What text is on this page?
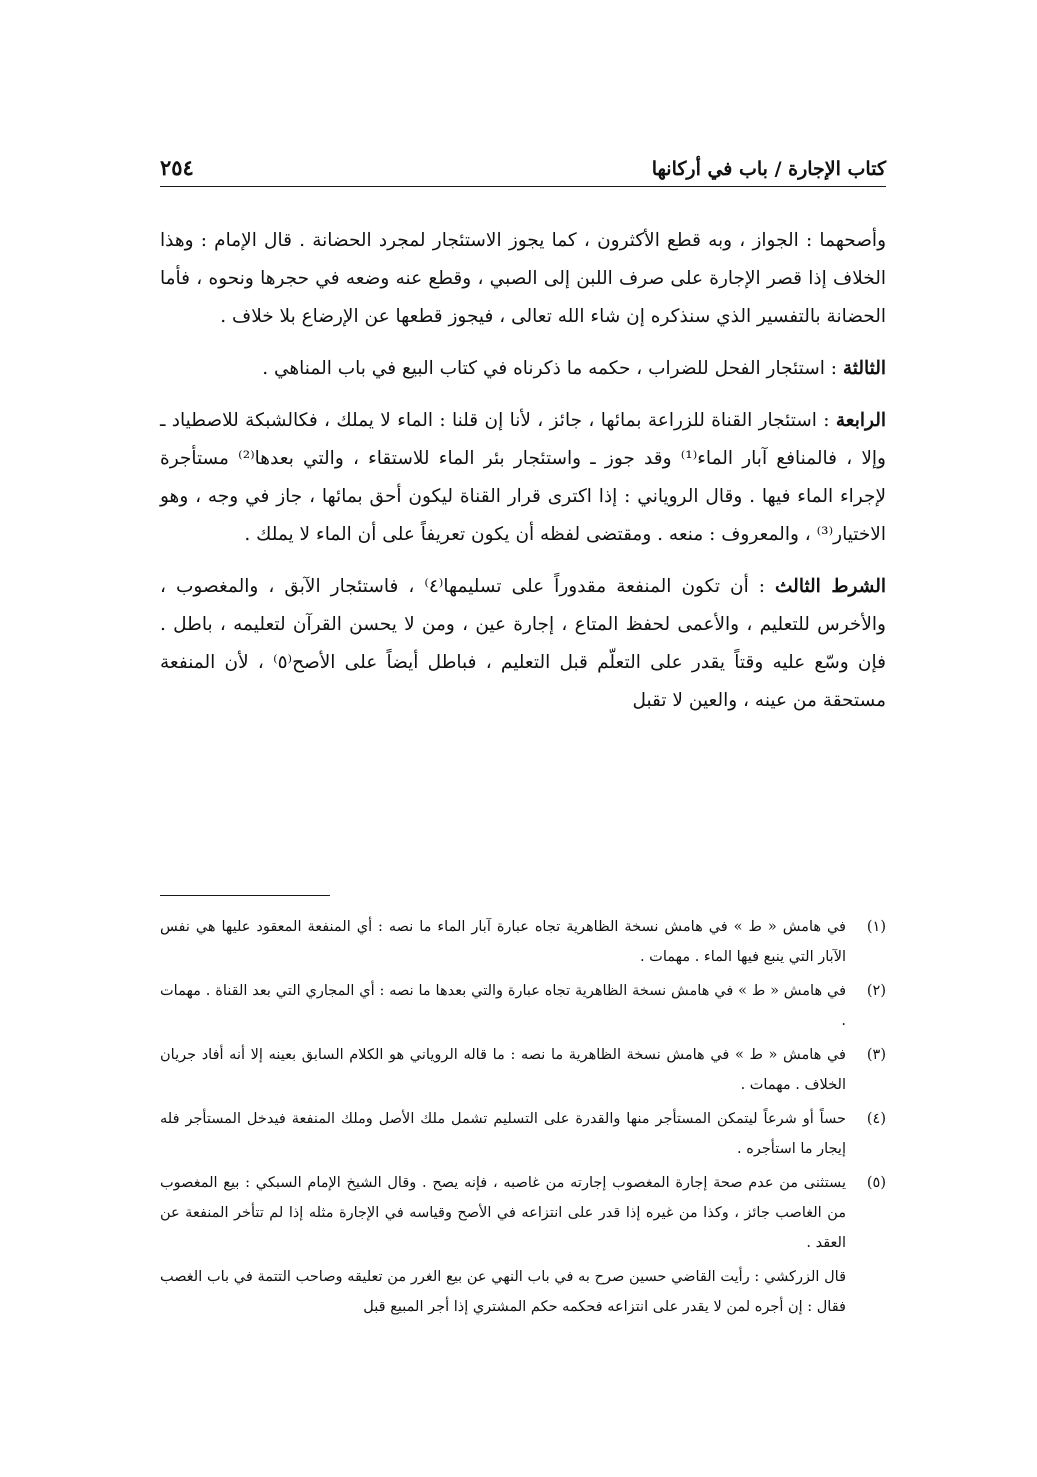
كتاب الإجارة / باب في أركانها
٢٥٤

وأصحهما : الجواز ، وبه قطع الأكثرون ، كما يجوز الاستئجار لمجرد الحضانة . قال الإمام : وهذا الخلاف إذا قصر الإجارة على صرف اللبن إلى الصبي ، وقطع عنه وضعه في حجرها ونحوه ، فأما الحضانة بالتفسير الذي سنذكره إن شاء الله تعالى ، فيجوز قطعها عن الإرضاع بلا خلاف .

الثالثة : استئجار الفحل للضراب ، حكمه ما ذكرناه في كتاب البيع في باب المناهي .

الرابعة : استئجار القناة للزراعة بمائها ، جائز ، لأنا إن قلنا : الماء لا يملك ، فكالشبكة للاصطياد ـ وإلا ، فالمنافع آبار الماء⁽¹⁾ وقد جوز ـ واستئجار بئر الماء للاستقاء ، والتي بعدها⁽²⁾ مستأجرة لإجراء الماء فيها . وقال الروياني : إذا اكترى قرار القناة ليكون أحق بمائها ، جاز في وجه ، وهو الاختيار⁽³⁾ ، والمعروف : منعه . ومقتضى لفظه أن يكون تعريفاً على أن الماء لا يملك .

الشرط الثالث : أن تكون المنفعة مقدوراً على تسليمها⁽٤⁾ ، فاستئجار الآبق ، والمغصوب ، والأخرس للتعليم ، والأعمى لحفظ المتاع ، إجارة عين ، ومن لا يحسن القرآن لتعليمه ، باطل . فإن وسّع عليه وقتاً يقدر على التعلّم قبل التعليم ، فباطل أيضاً على الأصح⁽٥⁾ ، لأن المنفعة مستحقة من عينه ، والعين لا تقبل

(١)
في هامش « ط » في هامش نسخة الظاهرية تجاه عبارة آبار الماء ما نصه : أي المنفعة المعقود عليها هي نفس الآبار التي ينبع فيها الماء . مهمات .
(٢)
في هامش « ط » في هامش نسخة الظاهرية تجاه عبارة والتي بعدها ما نصه : أي المجاري التي بعد القناة . مهمات .
(٣)
في هامش « ط » في هامش نسخة الظاهرية ما نصه : ما قاله الروياني هو الكلام السابق بعينه إلا أنه أفاد جريان الخلاف . مهمات .
(٤)
حساً أو شرعاً ليتمكن المستأجر منها والقدرة على التسليم تشمل ملك الأصل وملك المنفعة فيدخل المستأجر فله إيجار ما استأجره .
(٥)
يستثنى من عدم صحة إجارة المغصوب إجارته من غاصبه ، فإنه يصح . وقال الشيخ الإمام السبكي : بيع المغصوب من الغاصب جائز ، وكذا من غيره إذا قدر على انتزاعه في الأصح وقياسه في الإجارة مثله إذا لم تتأخر المنفعة عن العقد .
قال الزركشي : رأيت القاضي حسين صرح به في باب النهي عن بيع الغرر من تعليقه وصاحب التتمة في باب الغصب فقال : إن أجره لمن لا يقدر على انتزاعه فحكمه حكم المشتري إذا أجر المبيع قبل
